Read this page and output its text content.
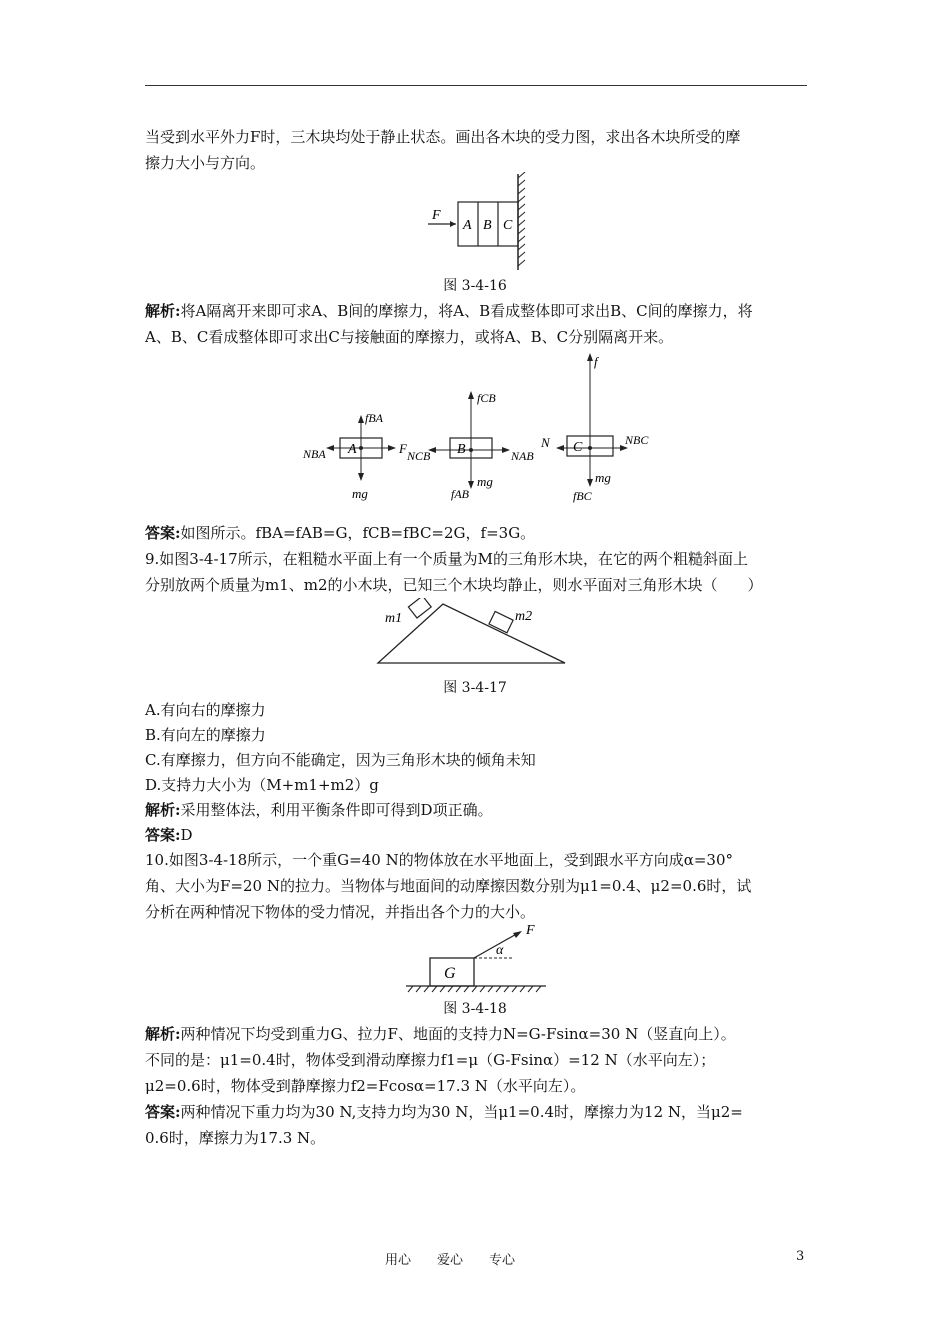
当受到水平外力F时，三木块均处于静止状态。画出各木块的受力图，求出各木块所受的摩

擦力大小与方向。

F
A B C
图 3-4-16

解析:将A隔离开来即可求A、B间的摩擦力，将A、B看成整体即可求出B、C间的摩擦力，将

A、B、C看成整体即可求出C与接触面的摩擦力，或将A、B、C分别隔离开来。

A
fBA
NBA	F
mg
B
fCB
NCB	NAB
mg
fAB
C
f
N	NBC
mg
fBC

答案:如图所示。fBA=fAB=G，fCB=fBC=2G，f=3G。

9.如图3-4-17所示，在粗糙水平面上有一个质量为M的三角形木块，在它的两个粗糙斜面上

分别放两个质量为m1、m2的小木块，已知三个木块均静止，则水平面对三角形木块（　　）

m1	m2
图 3-4-17

A.有向右的摩擦力

B.有向左的摩擦力

C.有摩擦力，但方向不能确定，因为三角形木块的倾角未知

D.支持力大小为（M+m1+m2）g

解析:采用整体法，利用平衡条件即可得到D项正确。

答案:D

10.如图3-4-18所示，一个重G=40 N的物体放在水平地面上，受到跟水平方向成α=30°

角、大小为F=20 N的拉力。当物体与地面间的动摩擦因数分别为μ1=0.4、μ2=0.6时，试

分析在两种情况下物体的受力情况，并指出各个力的大小。

G
F
α
图 3-4-18

解析:两种情况下均受到重力G、拉力F、地面的支持力N=G-Fsinα=30 N（竖直向上）。

不同的是：μ1=0.4时，物体受到滑动摩擦力f1=μ（G-Fsinα）=12 N（水平向左）；

μ2=0.6时，物体受到静摩擦力f2=Fcosα=17.3 N（水平向左）。

答案:两种情况下重力均为30 N,支持力均为30 N，当μ1=0.4时，摩擦力为12 N，当μ2=

0.6时，摩擦力为17.3 N。

用心　　爱心　　专心	3
